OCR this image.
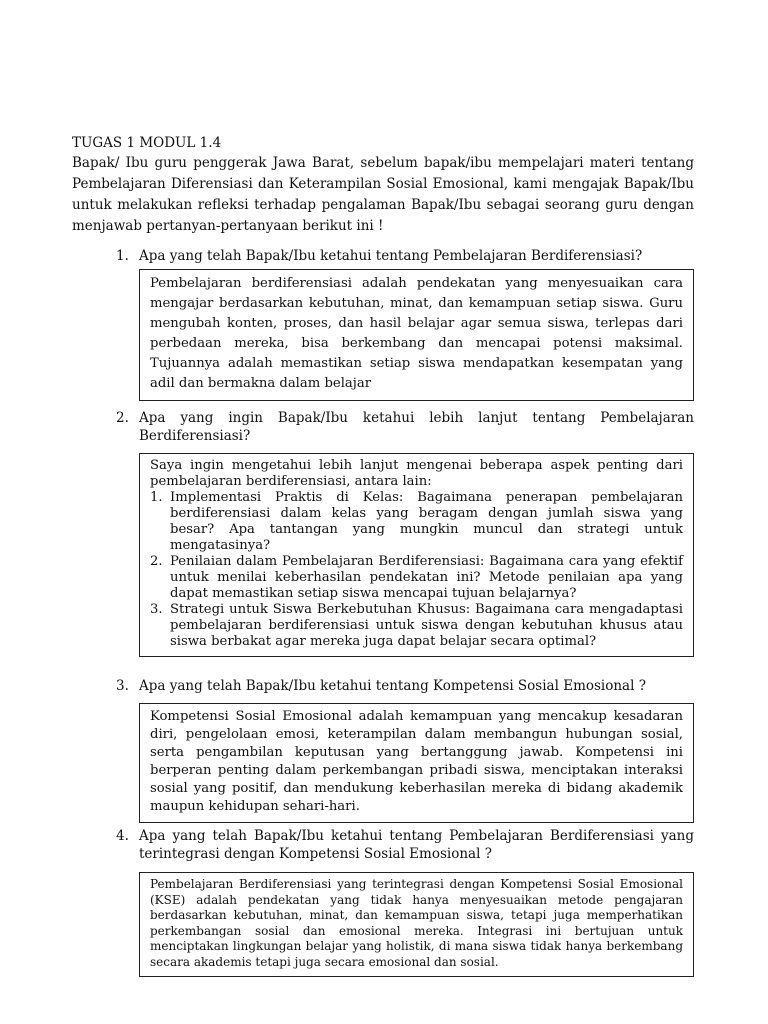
TUGAS 1 MODUL 1.4

Bapak/ Ibu guru penggerak Jawa Barat, sebelum bapak/ibu mempelajari materi tentang Pembelajaran Diferensiasi dan Keterampilan Sosial Emosional, kami mengajak Bapak/Ibu untuk melakukan refleksi terhadap pengalaman Bapak/Ibu sebagai seorang guru dengan menjawab pertanyan-pertanyaan berikut ini !

1. Apa yang telah Bapak/Ibu ketahui tentang Pembelajaran Berdiferensiasi?

Pembelajaran berdiferensiasi adalah pendekatan yang menyesuaikan cara mengajar berdasarkan kebutuhan, minat, dan kemampuan setiap siswa. Guru mengubah konten, proses, dan hasil belajar agar semua siswa, terlepas dari perbedaan mereka, bisa berkembang dan mencapai potensi maksimal. Tujuannya adalah memastikan setiap siswa mendapatkan kesempatan yang adil dan bermakna dalam belajar

2. Apa yang ingin Bapak/Ibu ketahui lebih lanjut tentang Pembelajaran Berdiferensiasi?

Saya ingin mengetahui lebih lanjut mengenai beberapa aspek penting dari pembelajaran berdiferensiasi, antara lain:

1. Implementasi Praktis di Kelas: Bagaimana penerapan pembelajaran berdiferensiasi dalam kelas yang beragam dengan jumlah siswa yang besar? Apa tantangan yang mungkin muncul dan strategi untuk mengatasinya?
2. Penilaian dalam Pembelajaran Berdiferensiasi: Bagaimana cara yang efektif untuk menilai keberhasilan pendekatan ini? Metode penilaian apa yang dapat memastikan setiap siswa mencapai tujuan belajarnya?
3. Strategi untuk Siswa Berkebutuhan Khusus: Bagaimana cara mengadaptasi pembelajaran berdiferensiasi untuk siswa dengan kebutuhan khusus atau siswa berbakat agar mereka juga dapat belajar secara optimal?
3. Apa yang telah Bapak/Ibu ketahui tentang Kompetensi Sosial Emosional ?

Kompetensi Sosial Emosional adalah kemampuan yang mencakup kesadaran diri, pengelolaan emosi, keterampilan dalam membangun hubungan sosial, serta pengambilan keputusan yang bertanggung jawab. Kompetensi ini berperan penting dalam perkembangan pribadi siswa, menciptakan interaksi sosial yang positif, dan mendukung keberhasilan mereka di bidang akademik maupun kehidupan sehari-hari.

4. Apa yang telah Bapak/Ibu ketahui tentang Pembelajaran Berdiferensiasi yang terintegrasi dengan Kompetensi Sosial Emosional ?

Pembelajaran Berdiferensiasi yang terintegrasi dengan Kompetensi Sosial Emosional (KSE) adalah pendekatan yang tidak hanya menyesuaikan metode pengajaran berdasarkan kebutuhan, minat, dan kemampuan siswa, tetapi juga memperhatikan perkembangan sosial dan emosional mereka. Integrasi ini bertujuan untuk menciptakan lingkungan belajar yang holistik, di mana siswa tidak hanya berkembang secara akademis tetapi juga secara emosional dan sosial.
